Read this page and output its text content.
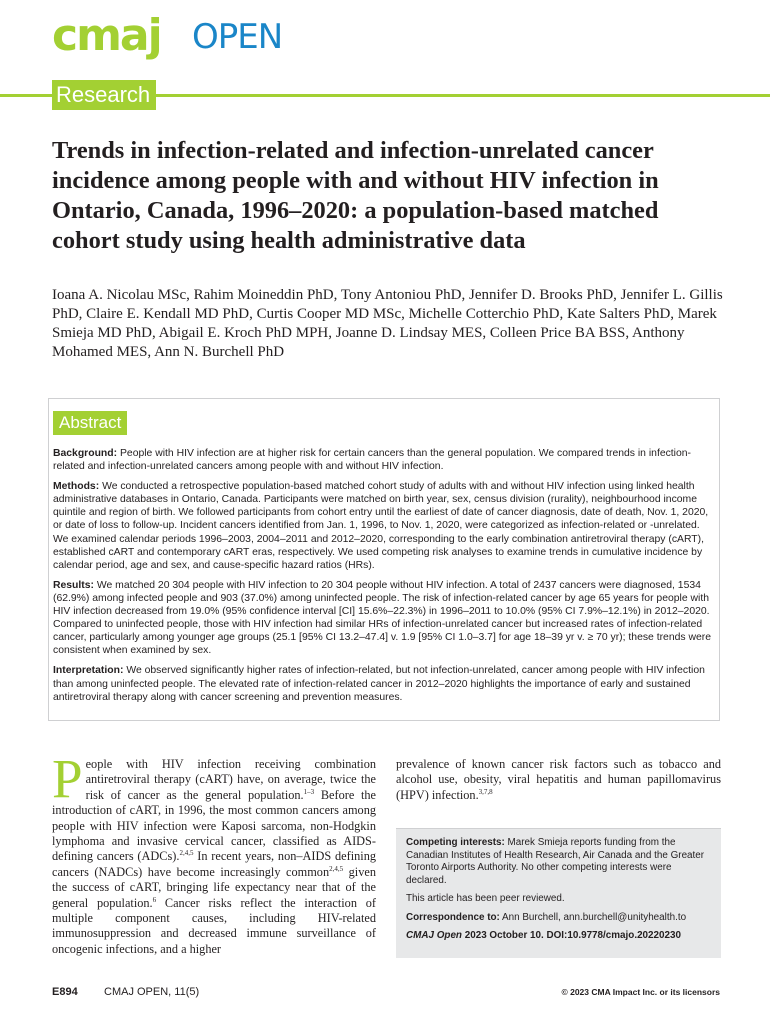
cmaj OPEN
Research
Trends in infection-related and infection-unrelated cancer incidence among people with and without HIV infection in Ontario, Canada, 1996–2020: a population-based matched cohort study using health administrative data

Ioana A. Nicolau MSc, Rahim Moineddin PhD, Tony Antoniou PhD, Jennifer D. Brooks PhD, Jennifer L. Gillis PhD, Claire E. Kendall MD PhD, Curtis Cooper MD MSc, Michelle Cotterchio PhD, Kate Salters PhD, Marek Smieja MD PhD, Abigail E. Kroch PhD MPH, Joanne D. Lindsay MES, Colleen Price BA BSS, Anthony Mohamed MES, Ann N. Burchell PhD

Abstract

Background: People with HIV infection are at higher risk for certain cancers than the general population. We compared trends in infection-related and infection-unrelated cancers among people with and without HIV infection.

Methods: We conducted a retrospective population-based matched cohort study of adults with and without HIV infection using linked health administrative databases in Ontario, Canada. Participants were matched on birth year, sex, census division (rurality), neighbourhood income quintile and region of birth. We followed participants from cohort entry until the earliest of date of cancer diagnosis, date of death, Nov. 1, 2020, or date of loss to follow-up. Incident cancers identified from Jan. 1, 1996, to Nov. 1, 2020, were categorized as infection-related or -unrelated. We examined calendar periods 1996–2003, 2004–2011 and 2012–2020, corresponding to the early combination antiretroviral therapy (cART), established cART and contemporary cART eras, respectively. We used competing risk analyses to examine trends in cumulative incidence by calendar period, age and sex, and cause-specific hazard ratios (HRs).

Results: We matched 20 304 people with HIV infection to 20 304 people without HIV infection. A total of 2437 cancers were diagnosed, 1534 (62.9%) among infected people and 903 (37.0%) among uninfected people. The risk of infection-related cancer by age 65 years for people with HIV infection decreased from 19.0% (95% confidence interval [CI] 15.6%–22.3%) in 1996–2011 to 10.0% (95% CI 7.9%–12.1%) in 2012–2020. Compared to uninfected people, those with HIV infection had similar HRs of infection-unrelated cancer but increased rates of infection-related cancer, particularly among younger age groups (25.1 [95% CI 13.2–47.4] v. 1.9 [95% CI 1.0–3.7] for age 18–39 yr v. ≥ 70 yr); these trends were consistent when examined by sex.

Interpretation: We observed significantly higher rates of infection-related, but not infection-unrelated, cancer among people with HIV infection than among uninfected people. The elevated rate of infection-related cancer in 2012–2020 highlights the importance of early and sustained antiretroviral therapy along with cancer screening and prevention measures.

People with HIV infection receiving combination antiretroviral therapy (cART) have, on average, twice the risk of cancer as the general population.$^{1-3}$ Before the introduction of cART, in 1996, the most common cancers among people with HIV infection were Kaposi sarcoma, non-Hodgkin lymphoma and invasive cervical cancer, classified as AIDS-defining cancers (ADCs).$^{2,4,5}$ In recent years, non–AIDS defining cancers (NADCs) have become increasingly common$^{2,4,5}$ given the success of cART, bringing life expectancy near that of the general population.$^6$ Cancer risks reflect the interaction of multiple component causes, including HIV-related immunosuppression and decreased immune surveillance of oncogenic infections, and a higher
prevalence of known cancer risk factors such as tobacco and alcohol use, obesity, viral hepatitis and human papillomavirus (HPV) infection.$^{3,7,8}$

Competing interests: Marek Smieja reports funding from the Canadian Institutes of Health Research, Air Canada and the Greater Toronto Airports Authority. No other competing interests were declared.

This article has been peer reviewed.

Correspondence to: Ann Burchell, ann.burchell@unityhealth.to

CMAJ Open 2023 October 10. DOI:10.9778/cmajo.20220230

E894 CMAJ OPEN, 11(5)	© 2023 CMA Impact Inc. or its licensors
